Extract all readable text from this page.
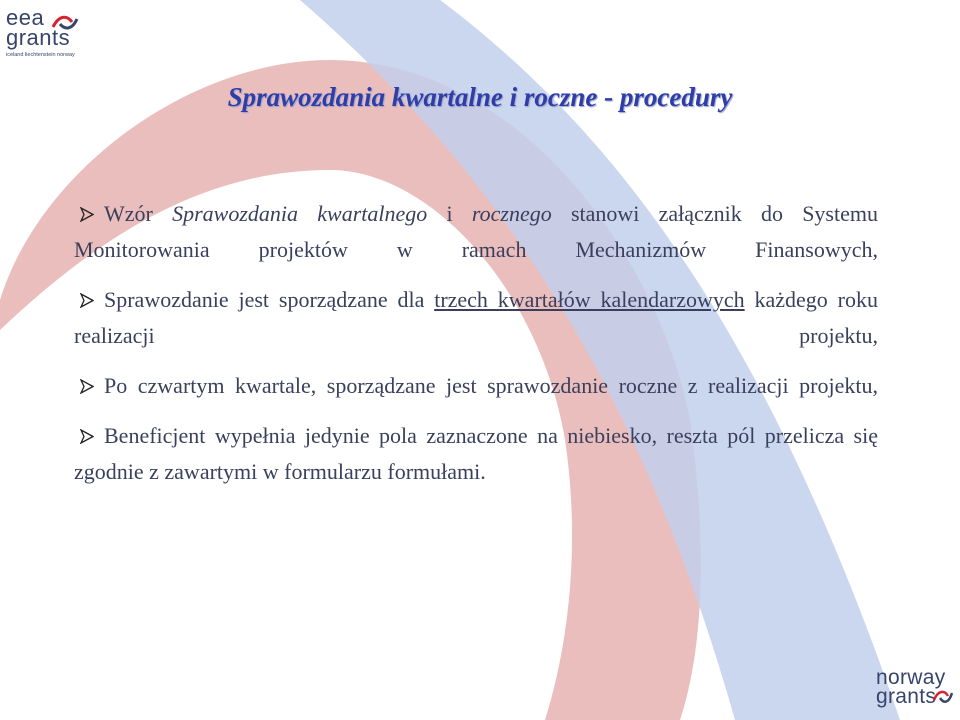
eea
grants
iceland liechtenstein norway
Sprawozdania kwartalne i roczne - procedury

Wzór Sprawozdania kwartalnego i rocznego stanowi załącznik do Systemu Monitorowania projektów w ramach Mechanizmów Finansowych,

Sprawozdanie jest sporządzane dla trzech kwartałów kalendarzowych każdego roku realizacji projektu,

Po czwartym kwartale, sporządzane jest sprawozdanie roczne z realizacji projektu,

Beneficjent wypełnia jedynie pola zaznaczone na niebiesko, reszta pól przelicza się zgodnie z zawartymi w formularzu formułami.

norway
grants
